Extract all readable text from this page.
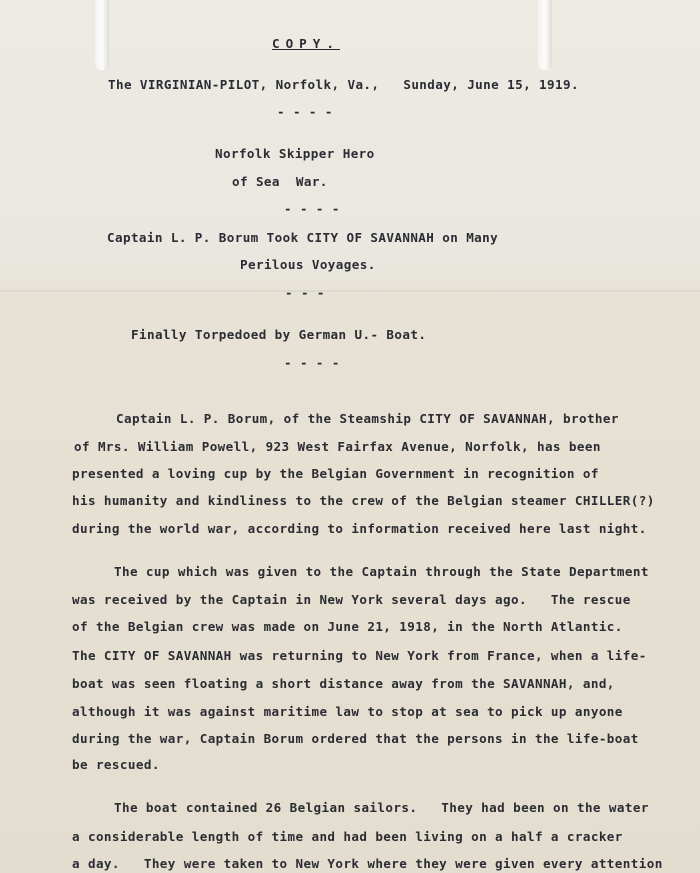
COPY.
The VIRGINIAN-PILOT, Norfolk, Va.,   Sunday, June 15, 1919.
- - - -
Norfolk Skipper Hero
of Sea  War.
- - - -
Captain L. P. Borum Took CITY OF SAVANNAH on Many
Perilous Voyages.
- - -
Finally Torpedoed by German U.- Boat.
- - - -
Captain L. P. Borum, of the Steamship CITY OF SAVANNAH, brother
of Mrs. William Powell, 923 West Fairfax Avenue, Norfolk, has been
presented a loving cup by the Belgian Government in recognition of
his humanity and kindliness to the crew of the Belgian steamer CHILLER(?)
during the world war, according to information received here last night.
The cup which was given to the Captain through the State Department
was received by the Captain in New York several days ago.   The rescue
of the Belgian crew was made on June 21, 1918, in the North Atlantic.
The CITY OF SAVANNAH was returning to New York from France, when a life-
boat was seen floating a short distance away from the SAVANNAH, and,
although it was against maritime law to stop at sea to pick up anyone
during the war, Captain Borum ordered that the persons in the life-boat
be rescued.
The boat contained 26 Belgian sailors.   They had been on the water
a considerable length of time and had been living on a half a cracker
a day.   They were taken to New York where they were given every attention
